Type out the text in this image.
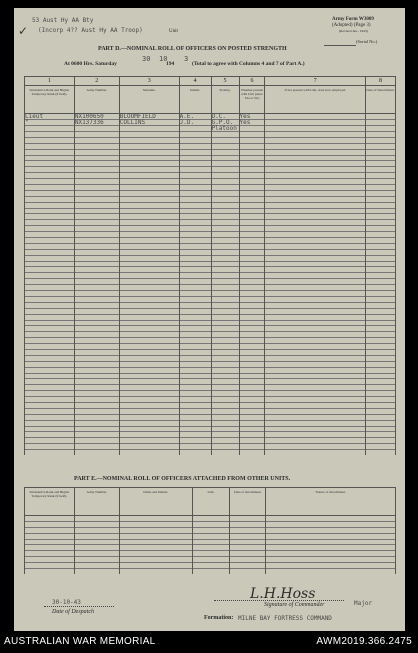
53 Aust Hy AA Bty
(Incorp 4?? Aust Hy AA Troop)	Unit
✓
Army Form W3009
(Adopted) (Page 3)
(Revised Jan., 1943)
(Serial No.)
PART D.—NOMINAL ROLL OF OFFICERS ON POSTED STRENGTH
At 0600 Hrs. Saturday	194
30 10 3
(Total to agree with Columns 4 and 7 of Part A.)
1	2	3	4	5	6	7	8
Substantive Rank and Higher Temporary Rank (if held).	Army Number.	Surname.	Initials.	Posting.	Whether present with Unit (enter Yes or No)	If not present with Unit, state how employed.	Date of Detachment.
Lieut	NX100650	BLOOMFIELD	A.E.	O.C.	Yes		
"	NX137336	COLLINS	J.D.	G.P.O.	Yes		
				Platoon			

PART E.—NOMINAL ROLL OF OFFICERS ATTACHED FROM OTHER UNITS.
Substantive Rank and Higher Temporary Rank (if held).	Army Number.	Name and Initials.	Unit.	Date of Attachment.	Nature of Attachment.

30-10-43
Date of Despatch
L.H.Hoss
Signature of Commander	Major
Formation: MILNE BAY FORTRESS COMMAND
AUSTRALIAN WAR MEMORIAL	AWM2019.366.2475
